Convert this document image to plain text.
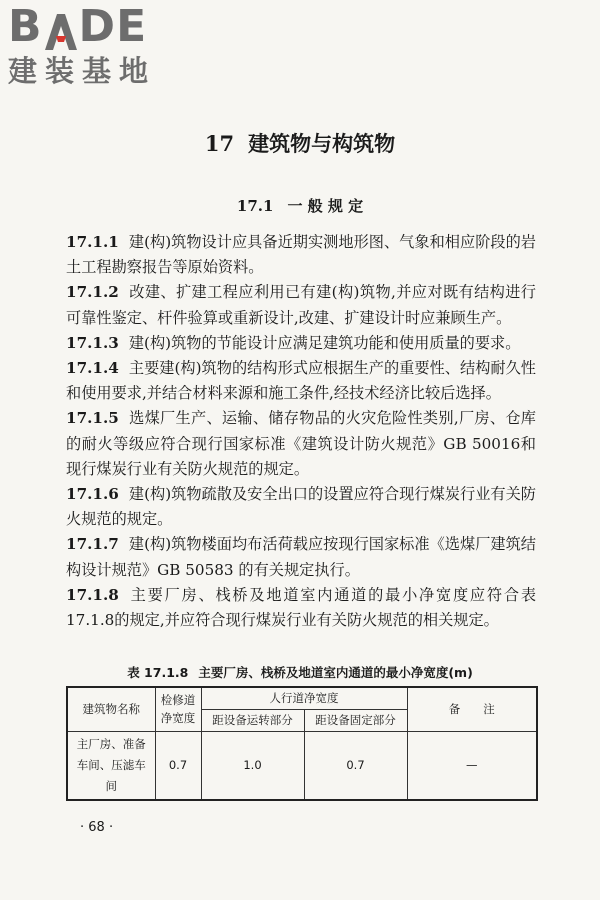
B DE
建装基地
17 建筑物与构筑物
17.1 一 般 规 定

17.1.1 建(构)筑物设计应具备近期实测地形图、气象和相应阶段的岩土工程勘察报告等原始资料。

17.1.2 改建、扩建工程应利用已有建(构)筑物,并应对既有结构进行可靠性鉴定、杆件验算或重新设计,改建、扩建设计时应兼顾生产。

17.1.3 建(构)筑物的节能设计应满足建筑功能和使用质量的要求。

17.1.4 主要建(构)筑物的结构形式应根据生产的重要性、结构耐久性和使用要求,并结合材料来源和施工条件,经技术经济比较后选择。

17.1.5 选煤厂生产、运输、储存物品的火灾危险性类别,厂房、仓库的耐火等级应符合现行国家标准《建筑设计防火规范》GB 50016和现行煤炭行业有关防火规范的规定。

17.1.6 建(构)筑物疏散及安全出口的设置应符合现行煤炭行业有关防火规范的规定。

17.1.7 建(构)筑物楼面均布活荷载应按现行国家标准《选煤厂建筑结构设计规范》GB 50583 的有关规定执行。

17.1.8 主要厂房、栈桥及地道室内通道的最小净宽度应符合表17.1.8的规定,并应符合现行煤炭行业有关防火规范的相关规定。

表 17.1.8 主要厂房、栈桥及地道室内通道的最小净宽度(m)
建筑物名称	检修道净宽度	人行道净宽度		备　　注
		距设备运转部分	距设备固定部分	
主厂房、准备车间、压滤车间	0.7	1.0	0.7	—
· 68 ·
